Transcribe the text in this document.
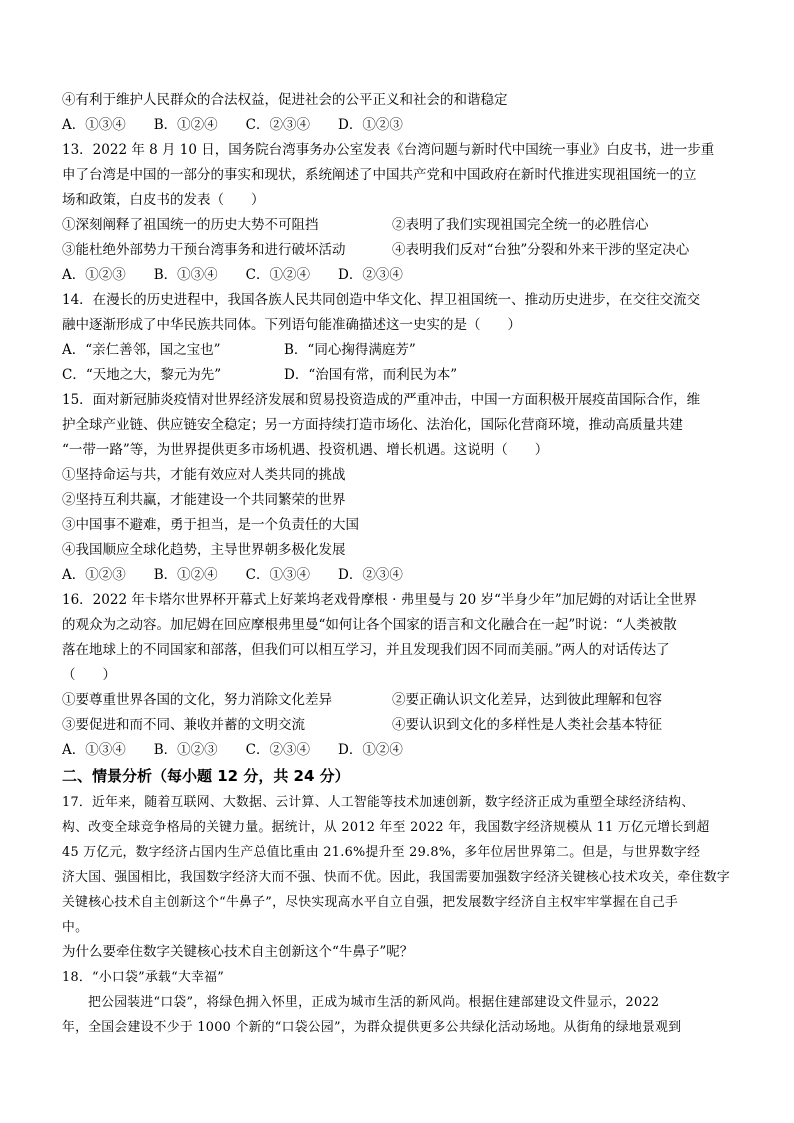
④有利于维护人民群众的合法权益，促进社会的公平正义和社会的和谐稳定
A．①③④ B．①②④ C．②③④ D．①②③
13．2022 年 8 月 10 日，国务院台湾事务办公室发表《台湾问题与新时代中国统一事业》白皮书，进一步重
申了台湾是中国的一部分的事实和现状，系统阐述了中国共产党和中国政府在新时代推进实现祖国统一的立
场和政策，白皮书的发表（　　）
①深刻阐释了祖国统一的历史大势不可阻挡	②表明了我们实现祖国完全统一的必胜信心
③能杜绝外部势力干预台湾事务和进行破坏活动	④表明我们反对“台独”分裂和外来干涉的坚定决心
A．①②③ B．①③④ C．①②④ D．②③④
14．在漫长的历史进程中，我国各族人民共同创造中华文化、捍卫祖国统一、推动历史进步，在交往交流交
融中逐渐形成了中华民族共同体。下列语句能准确描述这一史实的是（　　）
A．“亲仁善邻，国之宝也”	B．“同心掬得满庭芳”
C．“天地之大，黎元为先”	D．“治国有常，而利民为本”
15．面对新冠肺炎疫情对世界经济发展和贸易投资造成的严重冲击，中国一方面积极开展疫苗国际合作，维
护全球产业链、供应链安全稳定；另一方面持续打造市场化、法治化，国际化营商环境，推动高质量共建
“一带一路”等，为世界提供更多市场机遇、投资机遇、增长机遇。这说明（　　）
①坚持命运与共，才能有效应对人类共同的挑战
②坚持互利共赢，才能建设一个共同繁荣的世界
③中国事不避难，勇于担当，是一个负责任的大国
④我国顺应全球化趋势，主导世界朝多极化发展
A．①②③ B．①②④ C．①③④ D．②③④
16．2022 年卡塔尔世界杯开幕式上好莱坞老戏骨摩根 · 弗里曼与 20 岁“半身少年”加尼姆的对话让全世界
的观众为之动容。加尼姆在回应摩根弗里曼“如何让各个国家的语言和文化融合在一起”时说：“人类被散
落在地球上的不同国家和部落，但我们可以相互学习，并且发现我们因不同而美丽。”两人的对话传达了
（　　）
①要尊重世界各国的文化，努力消除文化差异	②要正确认识文化差异，达到彼此理解和包容
③要促进和而不同、兼收并蓄的文明交流	④要认识到文化的多样性是人类社会基本特征
A．①③④ B．①②③ C．②③④ D．①②④
二、情景分析（每小题 12 分，共 24 分）
17．近年来，随着互联网、大数据、云计算、人工智能等技术加速创新，数字经济正成为重塑全球经济结构、
构、改变全球竞争格局的关键力量。据统计，从 2012 年至 2022 年，我国数字经济规模从 11 万亿元增长到超
45 万亿元，数字经济占国内生产总值比重由 21.6%提升至 29.8%，多年位居世界第二。但是，与世界数字经
济大国、强国相比，我国数字经济大而不强、快而不优。因此，我国需要加强数字经济关键核心技术攻关，牵住数字
关键核心技术自主创新这个“牛鼻子”，尽快实现高水平自立自强，把发展数字经济自主权牢牢掌握在自己手
中。
为什么要牵住数字关键核心技术自主创新这个“牛鼻子”呢？
18．“小口袋”承载“大幸福”
把公园装进“口袋”，将绿色拥入怀里，正成为城市生活的新风尚。根据住建部建设文件显示，2022
年，全国会建设不少于 1000 个新的“口袋公园”，为群众提供更多公共绿化活动场地。从街角的绿地景观到
